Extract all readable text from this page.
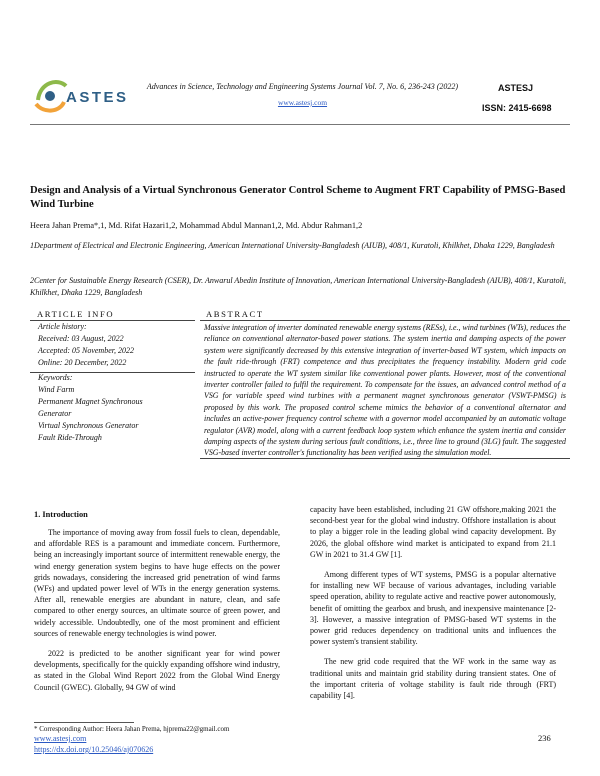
ASTES
Advances in Science, Technology and Engineering Systems Journal Vol. 7, No. 6, 236-243 (2022)
www.astesj.com
ASTESJ
ISSN: 2415-6698
Design and Analysis of a Virtual Synchronous Generator Control Scheme to Augment FRT Capability of PMSG-Based Wind Turbine
Heera Jahan Prema*,1, Md. Rifat Hazari1,2, Mohammad Abdul Mannan1,2, Md. Abdur Rahman1,2
1Department of Electrical and Electronic Engineering, American International University-Bangladesh (AIUB), 408/1, Kuratoli, Khilkhet, Dhaka 1229, Bangladesh
2Center for Sustainable Energy Research (CSER), Dr. Anwarul Abedin Institute of Innovation, American International University-Bangladesh (AIUB), 408/1, Kuratoli, Khilkhet, Dhaka 1229, Bangladesh
ARTICLE INFO	ABSTRACT
Article history:
Received: 03 August, 2022
Accepted: 05 November, 2022
Online: 20 December, 2022
Keywords:
Wind Farm
Permanent Magnet Synchronous
Generator
Virtual Synchronous Generator
Fault Ride-Through
Massive integration of inverter dominated renewable energy systems (RESs), i.e., wind turbines (WTs), reduces the reliance on conventional alternator-based power stations. The system inertia and damping aspects of the power system were significantly decreased by this extensive integration of inverter-based WT system, which impacts on the fault ride-through (FRT) competence and thus precipitates the frequency instability. Modern grid code instructed to operate the WT system similar like conventional power plants. However, most of the conventional inverter controller failed to fulfil the requirement. To compensate for the issues, an advanced control method of a VSG for variable speed wind turbines with a permanent magnet synchronous generator (VSWT-PMSG) is proposed by this work. The proposed control scheme mimics the behavior of a conventional alternator and includes an active-power frequency control scheme with a governor model accompanied by an automatic voltage regulator (AVR) model, along with a current feedback loop system which enhance the system inertia and consider damping aspects of the system during serious fault conditions, i.e., three line to ground (3LG) fault. The suggested VSG-based inverter controller's functionality has been verified using the simulation model.
1. Introduction

The importance of moving away from fossil fuels to clean, dependable, and affordable RES is a paramount and immediate concern. Furthermore, being an increasingly important source of intermittent renewable energy, the wind energy generation system begins to have huge effects on the power grids nowadays, considering the increased grid penetration of wind farms (WFs) and updated power level of WTs in the energy generation systems. After all, renewable energies are abundant in nature, clean, and safe compared to other energy sources, an ultimate source of green power, and widely accessible. Undoubtedly, one of the most prominent and efficient sources of renewable energy technologies is wind power.

2022 is predicted to be another significant year for wind power developments, specifically for the quickly expanding offshore wind industry, as stated in the Global Wind Report 2022 from the Global Wind Energy Council (GWEC). Globally, 94 GW of wind

capacity have been established, including 21 GW offshore,making 2021 the second-best year for the global wind industry. Offshore installation is about to play a bigger role in the leading global wind capacity development. By 2026, the global offshore wind market is anticipated to expand from 21.1 GW in 2021 to 31.4 GW [1].

Among different types of WT systems, PMSG is a popular alternative for installing new WF because of various advantages, including variable speed operation, ability to regulate active and reactive power autonomously, benefit of omitting the gearbox and brush, and inexpensive maintenance [2-3]. However, a massive integration of PMSG-based WT systems in the power grid reduces dependency on traditional units and influences the power system's transient stability.

The new grid code required that the WF work in the same way as traditional units and maintain grid stability during transient states. One of the important criteria of voltage stability is fault ride through (FRT) capability [4].

* Corresponding Author: Heera Jahan Prema, hjprema22@gmail.com
www.astesj.com
https://dx.doi.org/10.25046/aj070626
236
